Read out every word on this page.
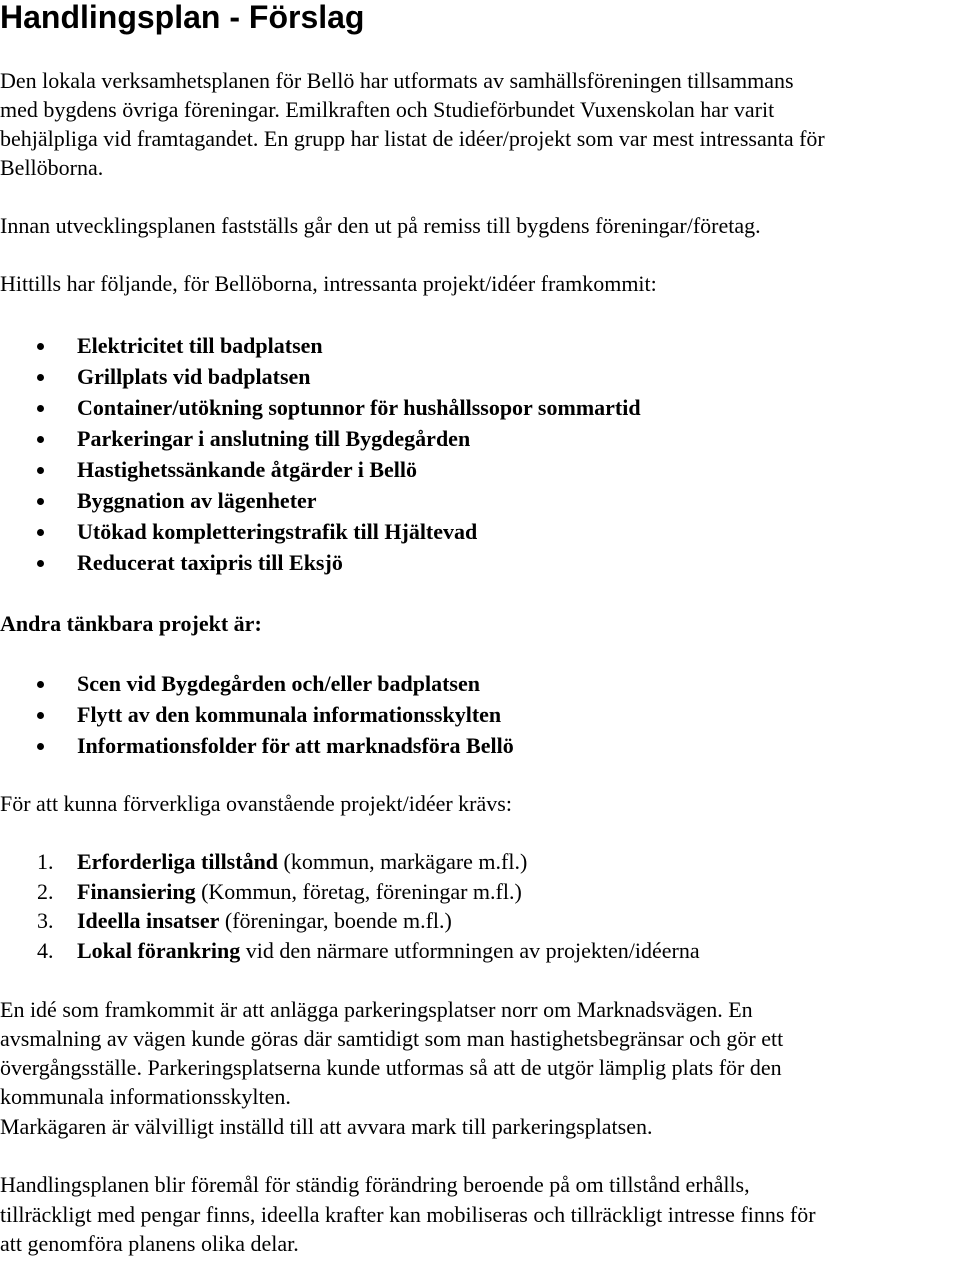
Handlingsplan - Förslag
Den lokala verksamhetsplanen för Bellö har utformats av samhällsföreningen tillsammans
med bygdens övriga föreningar. Emilkraften och Studieförbundet Vuxenskolan har varit
behjälpliga vid framtagandet. En grupp har listat de idéer/projekt som var mest intressanta för
Bellöborna.
Innan utvecklingsplanen fastställs går den ut på remiss till bygdens föreningar/företag.
Hittills har följande, för Bellöborna, intressanta projekt/idéer framkommit:
Elektricitet till badplatsen
Grillplats vid badplatsen
Container/utökning soptunnor för hushållssopor sommartid
Parkeringar i anslutning till Bygdegården
Hastighetssänkande åtgärder i Bellö
Byggnation av lägenheter
Utökad kompletteringstrafik till Hjältevad
Reducerat taxipris till Eksjö
Andra tänkbara projekt är:
Scen vid Bygdegården och/eller badplatsen
Flytt av den kommunala informationsskylten
Informationsfolder för att marknadsföra Bellö
För att kunna förverkliga ovanstående projekt/idéer krävs:
1. Erforderliga tillstånd (kommun, markägare m.fl.)
2. Finansiering (Kommun, företag, föreningar m.fl.)
3. Ideella insatser (föreningar, boende m.fl.)
4. Lokal förankring vid den närmare utformningen av projekten/idéerna
En idé som framkommit är att anlägga parkeringsplatser norr om Marknadsvägen. En
avsmalning av vägen kunde göras där samtidigt som man hastighetsbegränsar och gör ett
övergångsställe. Parkeringsplatserna kunde utformas så att de utgör lämplig plats för den
kommunala informationsskylten.
Markägaren är välvilligt inställd till att avvara mark till parkeringsplatsen.
Handlingsplanen blir föremål för ständig förändring beroende på om tillstånd erhålls,
tillräckligt med pengar finns, ideella krafter kan mobiliseras och tillräckligt intresse finns för
att genomföra planens olika delar.
